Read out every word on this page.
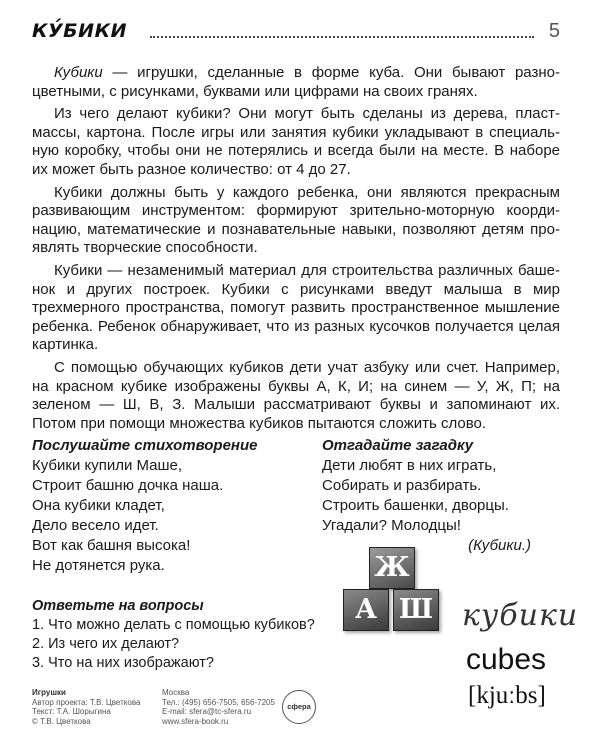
КУ́БИКИ	5

Кубики — игрушки, сделанные в форме куба. Они бывают разноцветными, с рисунками, буквами или цифрами на своих гранях.

Из чего делают кубики? Они могут быть сделаны из дерева, пластмассы, картона. После игры или занятия кубики укладывают в специальную коробку, чтобы они не потерялись и всегда были на месте. В наборе их может быть разное количество: от 4 до 27.

Кубики должны быть у каждого ребенка, они являются прекрасным развивающим инструментом: формируют зрительно-моторную координацию, математические и познавательные навыки, позволяют детям проявлять творческие способности.

Кубики — незаменимый материал для строительства различных башенок и других построек. Кубики с рисунками введут малыша в мир трехмерного пространства, помогут развить пространственное мышление ребенка. Ребенок обнаруживает, что из разных кусочков получается целая картинка.

С помощью обучающих кубиков дети учат азбуку или счет. Например, на красном кубике изображены буквы А, К, И; на синем — У, Ж, П; на зеленом — Ш, В, З. Малыши рассматривают буквы и запоминают их. Потом при помощи множества кубиков пытаются сложить слово.

Послушайте стихотворение
Кубики купили Маше,
Строит башню дочка наша.
Она кубики кладет,
Дело весело идет.
Вот как башня высока!
Не дотянется рука.
Отгадайте загадку
Дети любят в них играть,
Собирать и разбирать.
Строить башенки, дворцы.
Угадали? Молодцы!
(Кубики.)
Ответьте на вопросы
1. Что можно делать с помощью кубиков?
2. Из чего их делают?
3. Что на них изображают?
Ж
А Ш кубики
cubes
[kjuːbs]
Игрушки
Автор проекта: Т.В. Цветкова
Текст: Т.А. Шорыгина
© Т.В. Цветкова
Москва
Тел.: (495) 656-7505, 656-7205
E-mail: sfera@tc-sfera.ru
www.sfera-book.ru
сфера
